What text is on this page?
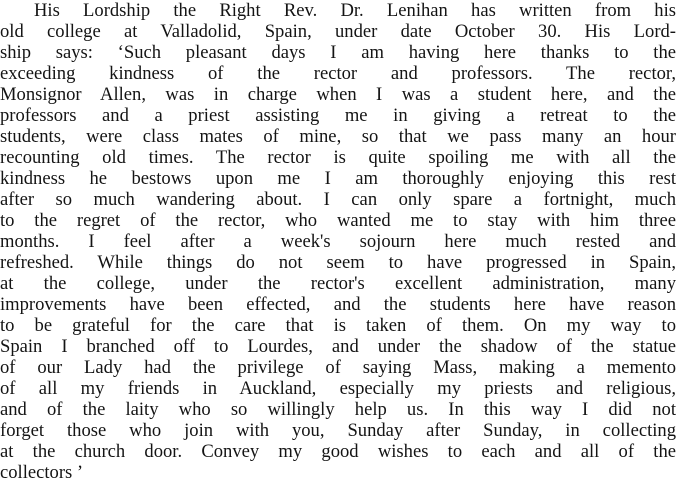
His Lordship the Right Rev. Dr. Lenihan has written from his
old college at Valladolid, Spain, under date October 30. His Lord-
ship says: ‘Such pleasant days I am having here thanks to the
exceeding kindness of the rector and professors. The rector,
Monsignor Allen, was in charge when I was a student here, and the
professors and a priest assisting me in giving a retreat to the
students, were class mates of mine, so that we pass many an hour
recounting old times. The rector is quite spoiling me with all the
kindness he bestows upon me I am thoroughly enjoying this rest
after so much wandering about. I can only spare a fortnight, much
to the regret of the rector, who wanted me to stay with him three
months. I feel after a week's sojourn here much rested and
refreshed. While things do not seem to have progressed in Spain,
at the college, under the rector's excellent administration, many
improvements have been effected, and the students here have reason
to be grateful for the care that is taken of them. On my way to
Spain I branched off to Lourdes, and under the shadow of the statue
of our Lady had the privilege of saying Mass, making a memento
of all my friends in Auckland, especially my priests and religious,
and of the laity who so willingly help us. In this way I did not
forget those who join with you, Sunday after Sunday, in collecting
at the church door. Convey my good wishes to each and all of the
collectors ’
